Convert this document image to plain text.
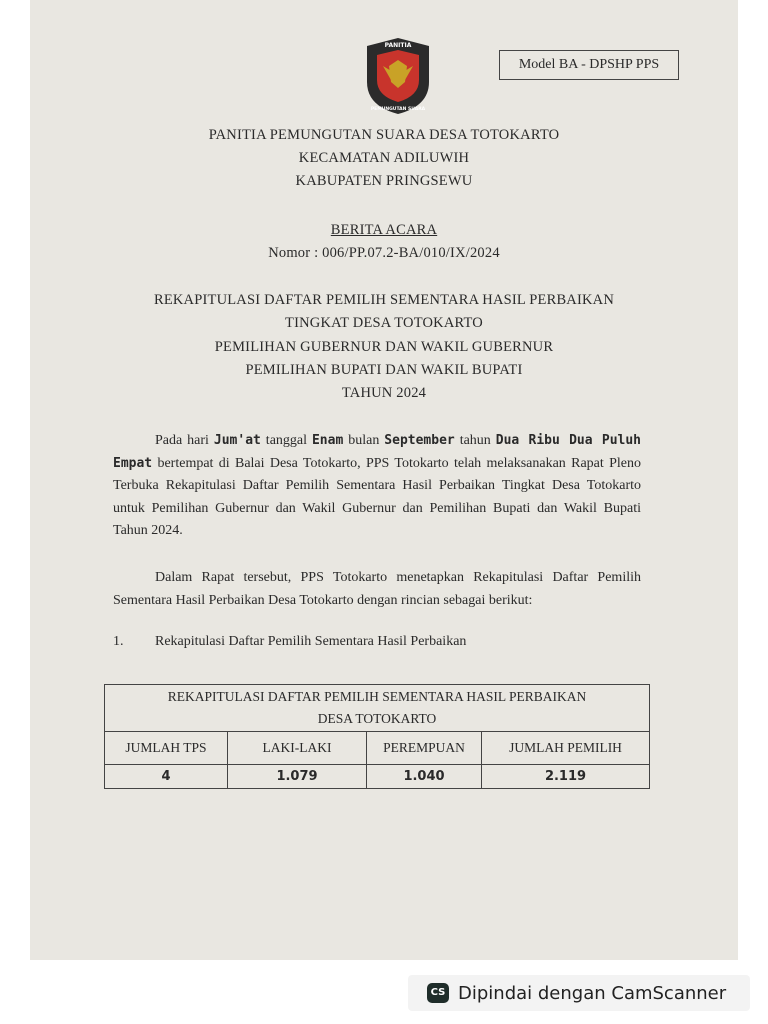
PANITIA
PEMUNGUTAN SUARA
Model BA - DPSHP PPS
PANITIA PEMUNGUTAN SUARA DESA TOTOKARTO
KECAMATAN ADILUWIH
KABUPATEN PRINGSEWU
BERITA ACARA
Nomor : 006/PP.07.2-BA/010/IX/2024
REKAPITULASI DAFTAR PEMILIH SEMENTARA HASIL PERBAIKAN
TINGKAT DESA TOTOKARTO
PEMILIHAN GUBERNUR DAN WAKIL GUBERNUR
PEMILIHAN BUPATI DAN WAKIL BUPATI
TAHUN 2024
Pada hari Jum'at tanggal Enam bulan September tahun Dua Ribu Dua Puluh Empat bertempat di Balai Desa Totokarto, PPS Totokarto telah melaksanakan Rapat Pleno Terbuka Rekapitulasi Daftar Pemilih Sementara Hasil Perbaikan Tingkat Desa Totokarto untuk Pemilihan Gubernur dan Wakil Gubernur dan Pemilihan Bupati dan Wakil Bupati Tahun 2024.
Dalam Rapat tersebut, PPS Totokarto menetapkan Rekapitulasi Daftar Pemilih Sementara Hasil Perbaikan Desa Totokarto dengan rincian sebagai berikut:
1. Rekapitulasi Daftar Pemilih Sementara Hasil Perbaikan
REKAPITULASI DAFTAR PEMILIH SEMENTARA HASIL PERBAIKAN
DESA TOTOKARTO			
JUMLAH TPS	LAKI-LAKI	PEREMPUAN	JUMLAH PEMILIH
4	1.079	1.040	2.119
CS Dipindai dengan CamScanner
